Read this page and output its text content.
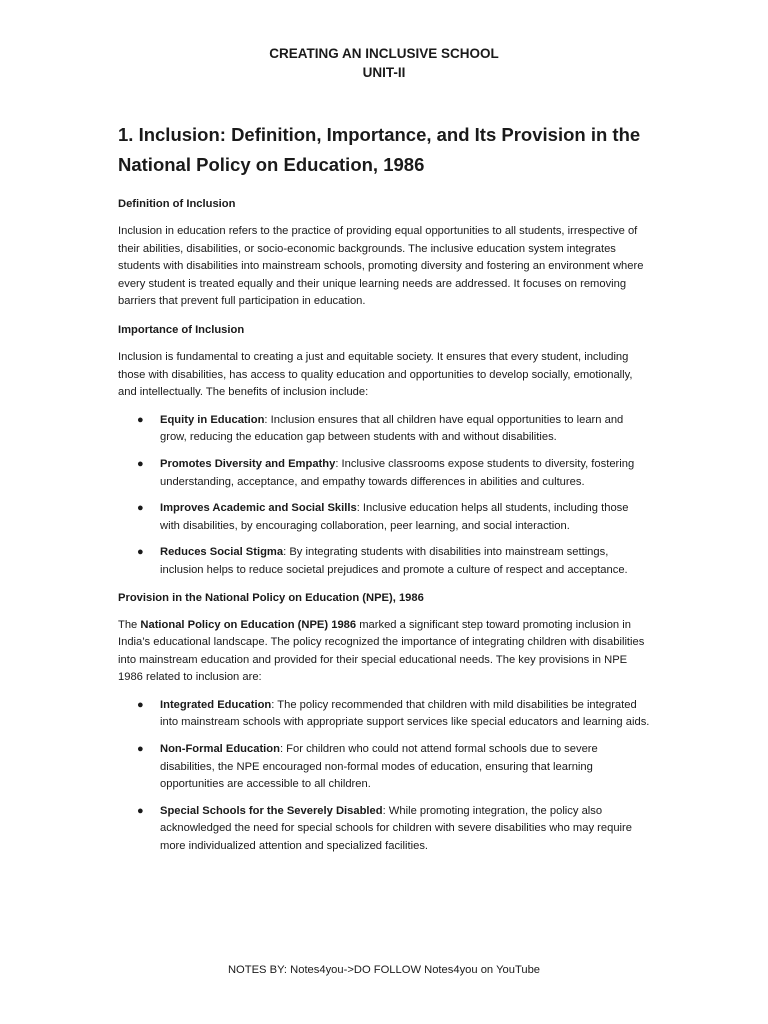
CREATING AN INCLUSIVE SCHOOL
UNIT-II
1. Inclusion: Definition, Importance, and Its Provision in the National Policy on Education, 1986
Definition of Inclusion

Inclusion in education refers to the practice of providing equal opportunities to all students, irrespective of their abilities, disabilities, or socio-economic backgrounds. The inclusive education system integrates students with disabilities into mainstream schools, promoting diversity and fostering an environment where every student is treated equally and their unique learning needs are addressed. It focuses on removing barriers that prevent full participation in education.

Importance of Inclusion

Inclusion is fundamental to creating a just and equitable society. It ensures that every student, including those with disabilities, has access to quality education and opportunities to develop socially, emotionally, and intellectually. The benefits of inclusion include:

● Equity in Education: Inclusion ensures that all children have equal opportunities to learn and grow, reducing the education gap between students with and without disabilities.
● Promotes Diversity and Empathy: Inclusive classrooms expose students to diversity, fostering understanding, acceptance, and empathy towards differences in abilities and cultures.
● Improves Academic and Social Skills: Inclusive education helps all students, including those with disabilities, by encouraging collaboration, peer learning, and social interaction.
● Reduces Social Stigma: By integrating students with disabilities into mainstream settings, inclusion helps to reduce societal prejudices and promote a culture of respect and acceptance.
Provision in the National Policy on Education (NPE), 1986

The National Policy on Education (NPE) 1986 marked a significant step toward promoting inclusion in India’s educational landscape. The policy recognized the importance of integrating children with disabilities into mainstream education and provided for their special educational needs. The key provisions in NPE 1986 related to inclusion are:

● Integrated Education: The policy recommended that children with mild disabilities be integrated into mainstream schools with appropriate support services like special educators and learning aids.
● Non-Formal Education: For children who could not attend formal schools due to severe disabilities, the NPE encouraged non-formal modes of education, ensuring that learning opportunities are accessible to all children.
● Special Schools for the Severely Disabled: While promoting integration, the policy also acknowledged the need for special schools for children with severe disabilities who may require more individualized attention and specialized facilities.
NOTES BY: Notes4you->DO FOLLOW Notes4you on YouTube
